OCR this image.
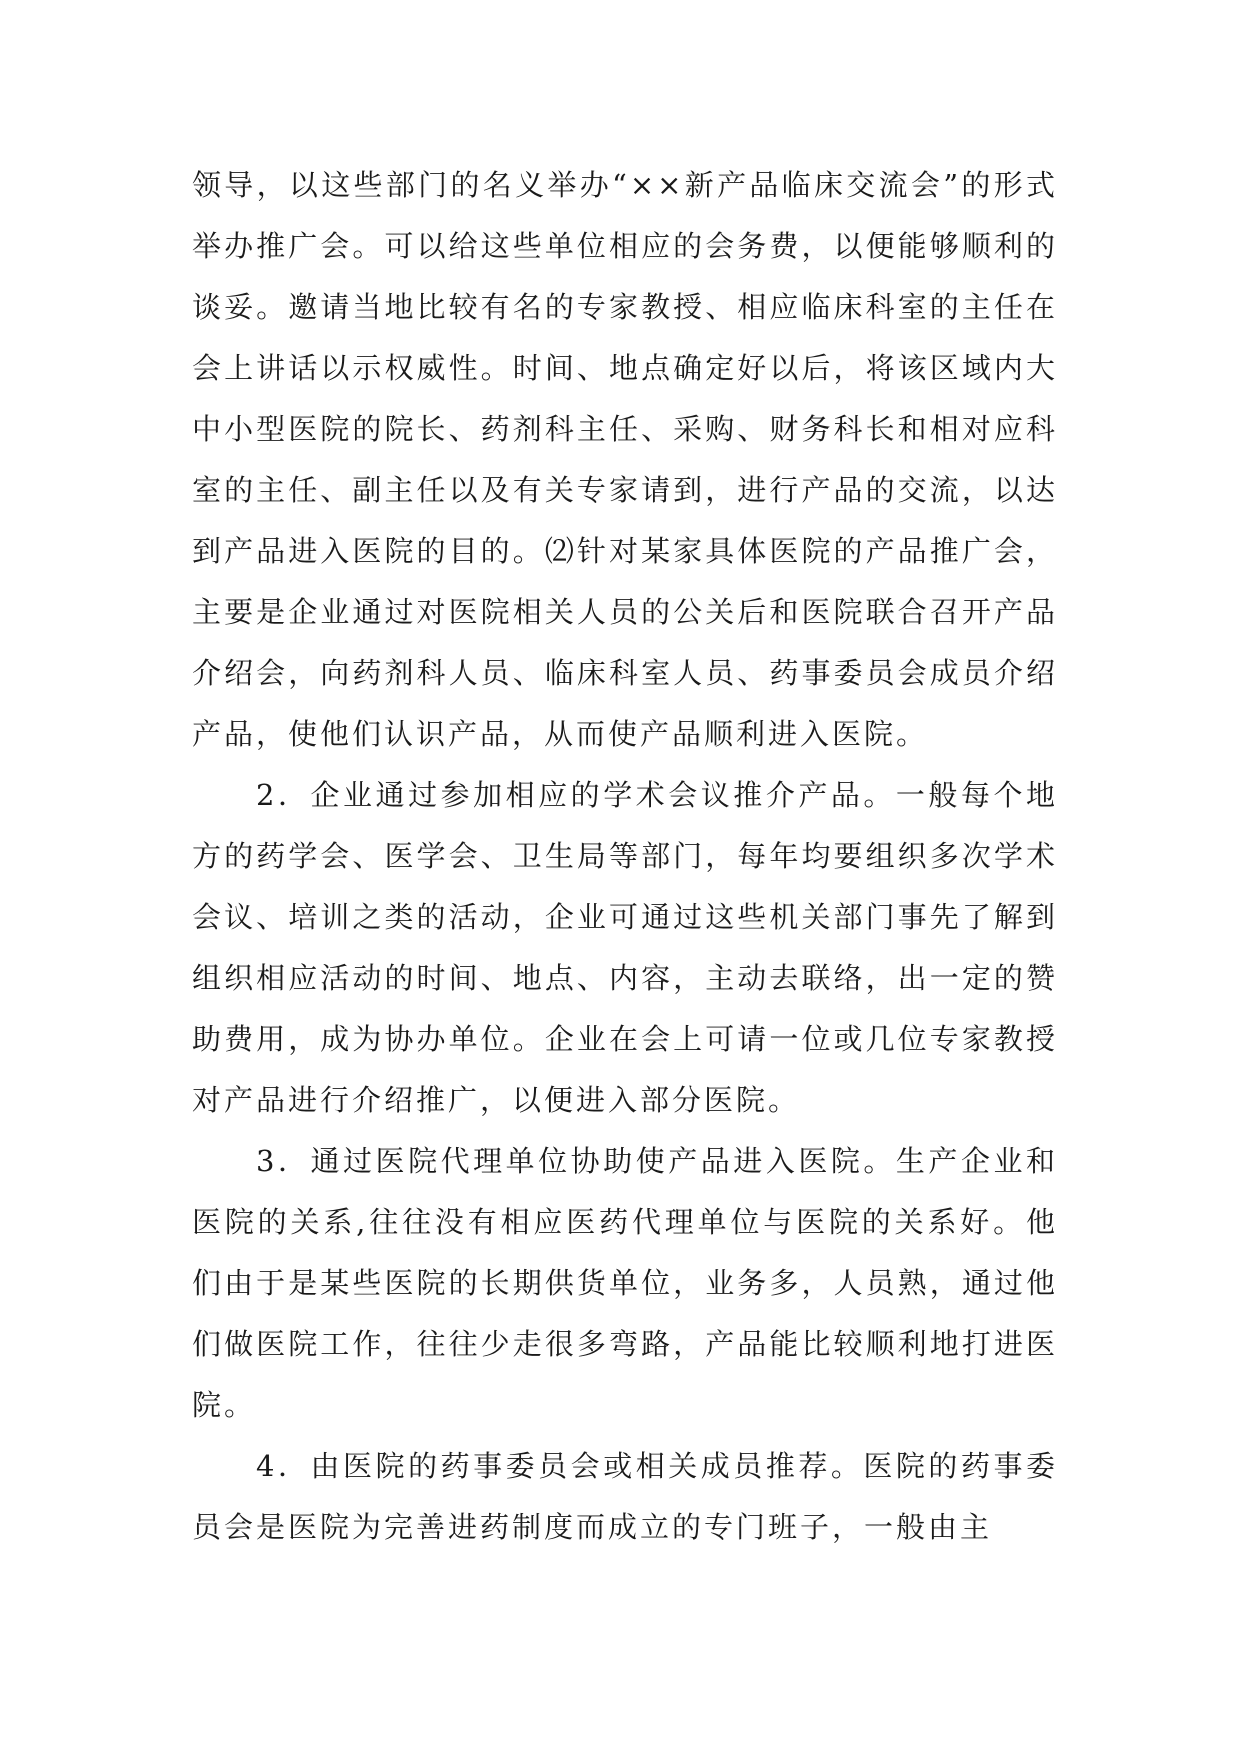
领导，以这些部门的名义举办“××新产品临床交流会”的形式举办推广会。可以给这些单位相应的会务费，以便能够顺利的谈妥。邀请当地比较有名的专家教授、相应临床科室的主任在会上讲话以示权威性。时间、地点确定好以后，将该区域内大中小型医院的院长、药剂科主任、采购、财务科长和相对应科室的主任、副主任以及有关专家请到，进行产品的交流，以达到产品进入医院的目的。⑵针对某家具体医院的产品推广会，主要是企业通过对医院相关人员的公关后和医院联合召开产品介绍会，向药剂科人员、临床科室人员、药事委员会成员介绍产品，使他们认识产品，从而使产品顺利进入医院。

2．企业通过参加相应的学术会议推介产品。一般每个地方的药学会、医学会、卫生局等部门，每年均要组织多次学术会议、培训之类的活动，企业可通过这些机关部门事先了解到组织相应活动的时间、地点、内容，主动去联络，出一定的赞助费用，成为协办单位。企业在会上可请一位或几位专家教授对产品进行介绍推广，以便进入部分医院。

3．通过医院代理单位协助使产品进入医院。生产企业和医院的关系,往往没有相应医药代理单位与医院的关系好。他们由于是某些医院的长期供货单位，业务多，人员熟，通过他们做医院工作，往往少走很多弯路，产品能比较顺利地打进医院。

4．由医院的药事委员会或相关成员推荐。医院的药事委员会是医院为完善进药制度而成立的专门班子，一般由主
